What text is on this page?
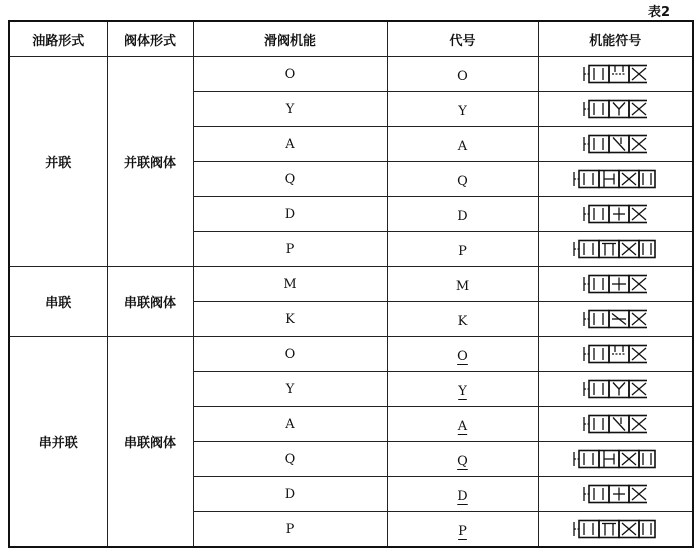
表2
油路形式	阀体形式	滑阀机能	代号	机能符号
并联	并联阀体	O	O	

		Y	Y	

		A	A	

		Q	Q	

		D	D	

		P	P	

串联	串联阀体	M	M	

		K	K	

串并联	串联阀体	O	O	

		Y	Y	

		A	A	

		Q	Q	

		D	D	

		P	P	
